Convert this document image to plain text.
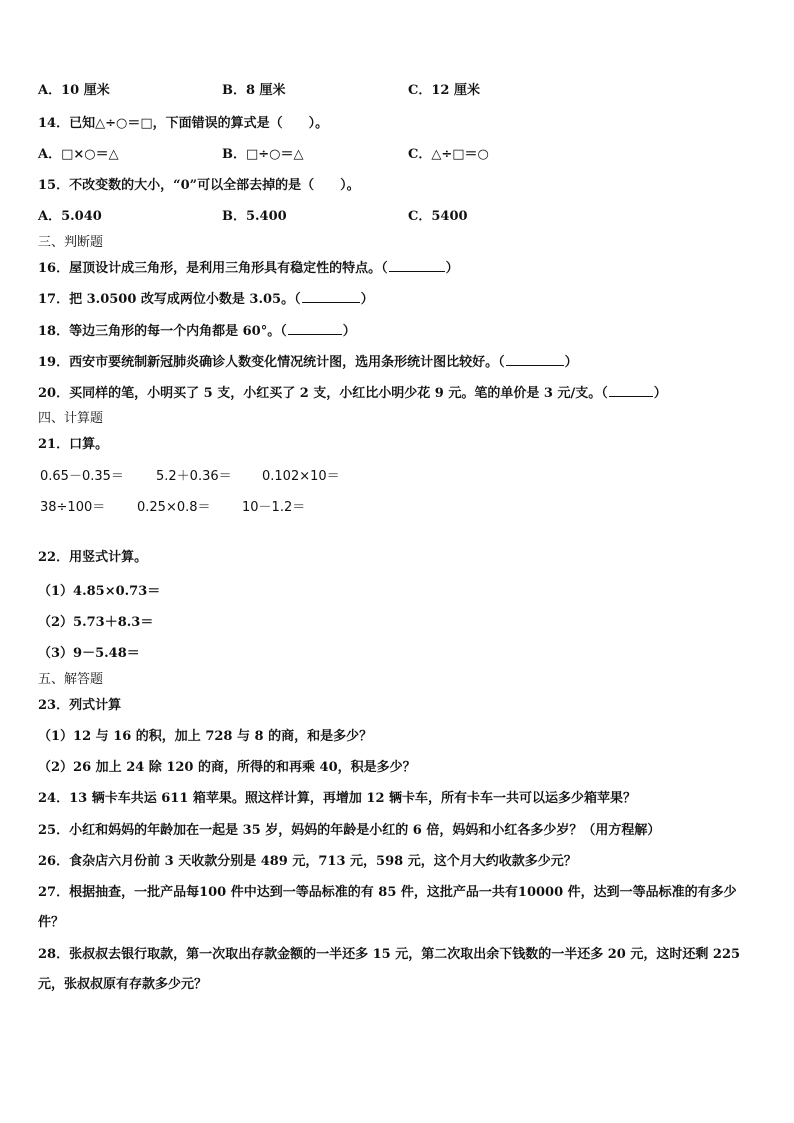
A．10 厘米	B．8 厘米	C．12 厘米
14．已知△÷○＝□，下面错误的算式是（　　）。
A．□×○＝△	B．□÷○＝△	C．△÷□＝○
15．不改变数的大小，“0”可以全部去掉的是（　　）。
A．5.040	B．5.400	C．5400
三、判断题
16．屋顶设计成三角形，是利用三角形具有稳定性的特点。（	）
17．把 3.0500 改写成两位小数是 3.05。（	）
18．等边三角形的每一个内角都是 60°。（	）
19．西安市要统制新冠肺炎确诊人数变化情况统计图，选用条形统计图比较好。（	）
20．买同样的笔，小明买了 5 支，小红买了 2 支，小红比小明少花 9 元。笔的单价是 3 元/支。（	）
四、计算题
21．口算。
0.65－0.35＝ 5.2＋0.36＝ 0.102×10＝
38÷100＝ 0.25×0.8＝ 10－1.2＝
22．用竖式计算。
（1）4.85×0.73＝
（2）5.73＋8.3＝
（3）9－5.48＝
五、解答题
23．列式计算
（1）12 与 16 的积，加上 728 与 8 的商，和是多少？
（2）26 加上 24 除 120 的商，所得的和再乘 40，积是多少？
24．13 辆卡车共运 611 箱苹果。照这样计算，再增加 12 辆卡车，所有卡车一共可以运多少箱苹果？
25．小红和妈妈的年龄加在一起是 35 岁，妈妈的年龄是小红的 6 倍，妈妈和小红各多少岁？（用方程解）
26．食杂店六月份前 3 天收款分别是 489 元，713 元，598 元，这个月大约收款多少元？
27．根据抽查，一批产品每100 件中达到一等品标准的有 85 件，这批产品一共有10000 件，达到一等品标准的有多少
件？
28．张叔叔去银行取款，第一次取出存款金额的一半还多 15 元，第二次取出余下钱数的一半还多 20 元，这时还剩 225
元，张叔叔原有存款多少元？
